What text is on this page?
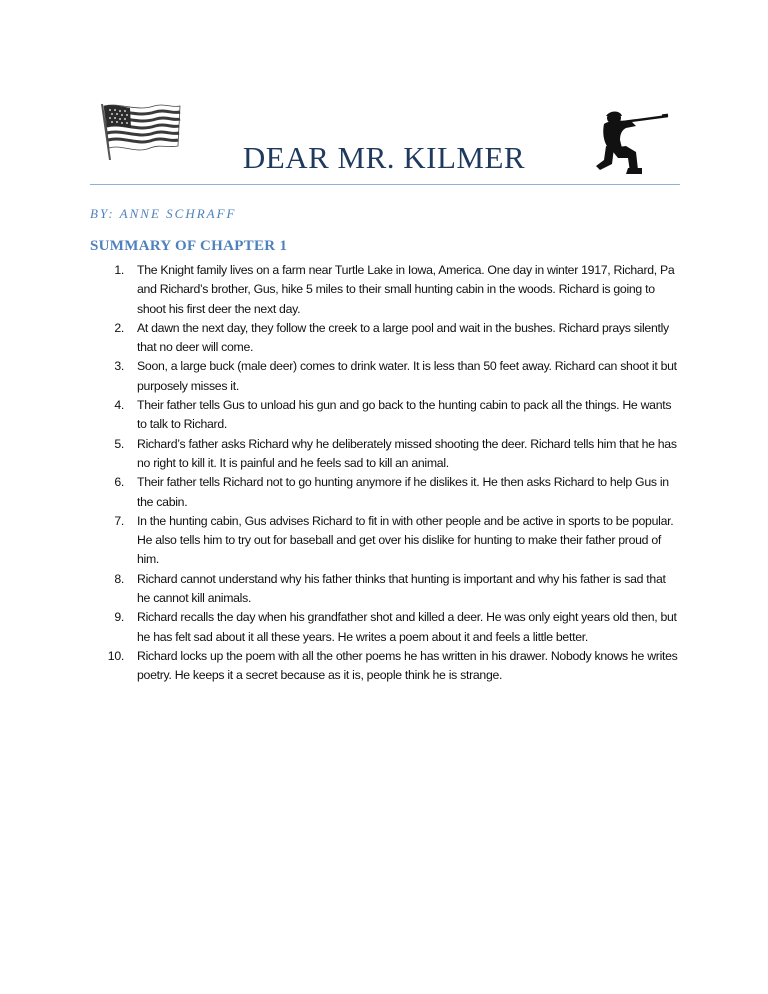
DEAR MR. KILMER
BY: ANNE SCHRAFF
SUMMARY OF CHAPTER 1
1. The Knight family lives on a farm near Turtle Lake in Iowa, America. One day in winter 1917, Richard, Pa and Richard’s brother, Gus, hike 5 miles to their small hunting cabin in the woods. Richard is going to shoot his first deer the next day.
2. At dawn the next day, they follow the creek to a large pool and wait in the bushes. Richard prays silently that no deer will come.
3. Soon, a large buck (male deer) comes to drink water. It is less than 50 feet away. Richard can shoot it but purposely misses it.
4. Their father tells Gus to unload his gun and go back to the hunting cabin to pack all the things. He wants to talk to Richard.
5. Richard’s father asks Richard why he deliberately missed shooting the deer. Richard tells him that he has no right to kill it. It is painful and he feels sad to kill an animal.
6. Their father tells Richard not to go hunting anymore if he dislikes it. He then asks Richard to help Gus in the cabin.
7. In the hunting cabin, Gus advises Richard to fit in with other people and be active in sports to be popular. He also tells him to try out for baseball and get over his dislike for hunting to make their father proud of him.
8. Richard cannot understand why his father thinks that hunting is important and why his father is sad that he cannot kill animals.
9. Richard recalls the day when his grandfather shot and killed a deer. He was only eight years old then, but he has felt sad about it all these years. He writes a poem about it and feels a little better.
10. Richard locks up the poem with all the other poems he has written in his drawer. Nobody knows he writes poetry. He keeps it a secret because as it is, people think he is strange.
